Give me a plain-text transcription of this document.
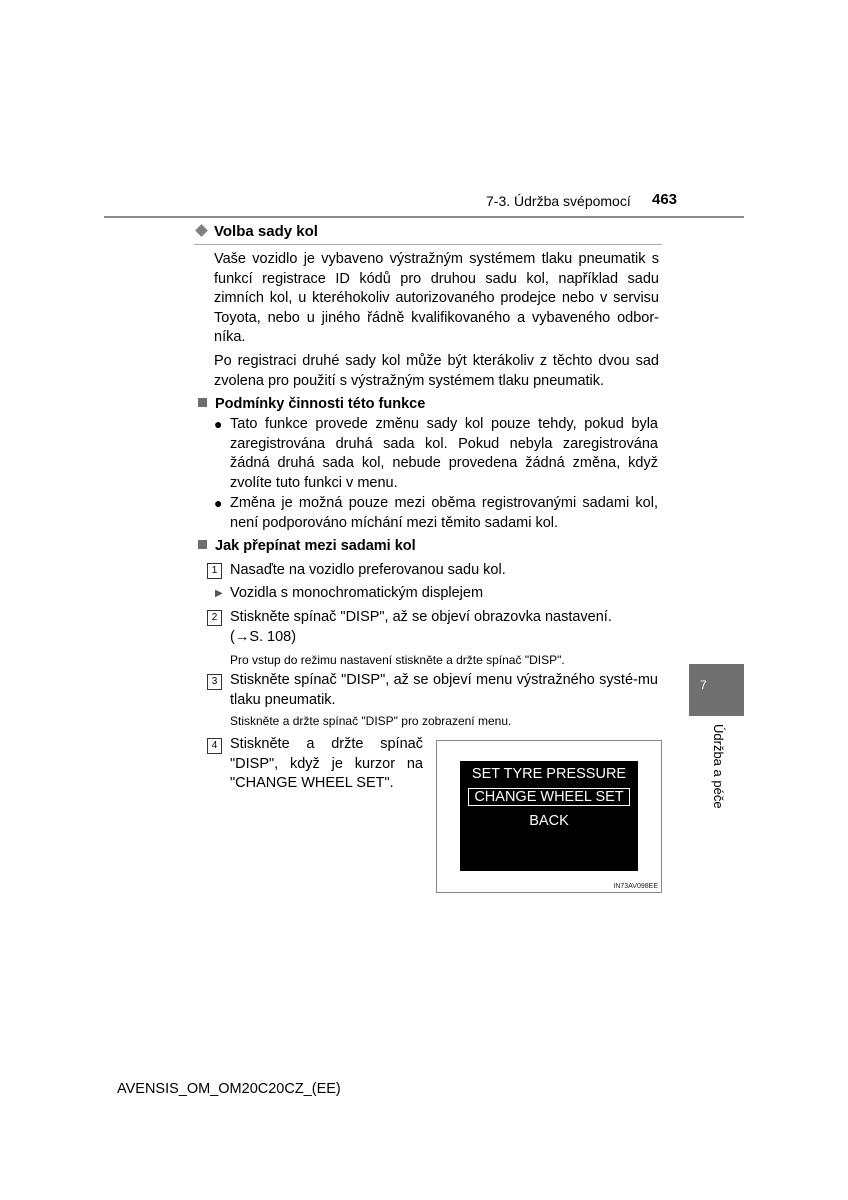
7-3. Údržba svépomocí 463
7
Údržba a péče
Volba sady kol
Vaše vozidlo je vybaveno výstražným systémem tlaku pneumatik s funkcí registrace ID kódů pro druhou sadu kol, například sadu zimních kol, u kteréhokoliv autorizovaného prodejce nebo v servisu Toyota, nebo u jiného řádně kvalifikovaného a vybaveného odbor-níka.
Po registraci druhé sady kol může být kterákoliv z těchto dvou sad zvolena pro použití s výstražným systémem tlaku pneumatik.
Podmínky činnosti této funkce
● Tato funkce provede změnu sady kol pouze tehdy, pokud byla zaregistrována druhá sada kol. Pokud nebyla zaregistrována žádná druhá sada kol, nebude provedena žádná změna, když zvolíte tuto funkci v menu.
● Změna je možná pouze mezi oběma registrovanými sadami kol, není podporováno míchání mezi těmito sadami kol.
Jak přepínat mezi sadami kol
1 Nasaďte na vozidlo preferovanou sadu kol.
▶ Vozidla s monochromatickým displejem
2 Stiskněte spínač "DISP", až se objeví obrazovka nastavení.
(→S. 108)
Pro vstup do režimu nastavení stiskněte a držte spínač "DISP".
3 Stiskněte spínač "DISP", až se objeví menu výstražného systé-mu tlaku pneumatik.
Stiskněte a držte spínač "DISP" pro zobrazení menu.
4 Stiskněte a držte spínač
"DISP", když je kurzor na
"CHANGE WHEEL SET".
SET TYRE PRESSURE
CHANGE WHEEL SET
BACK
IN73AV098EE
AVENSIS_OM_OM20C20CZ_(EE)
